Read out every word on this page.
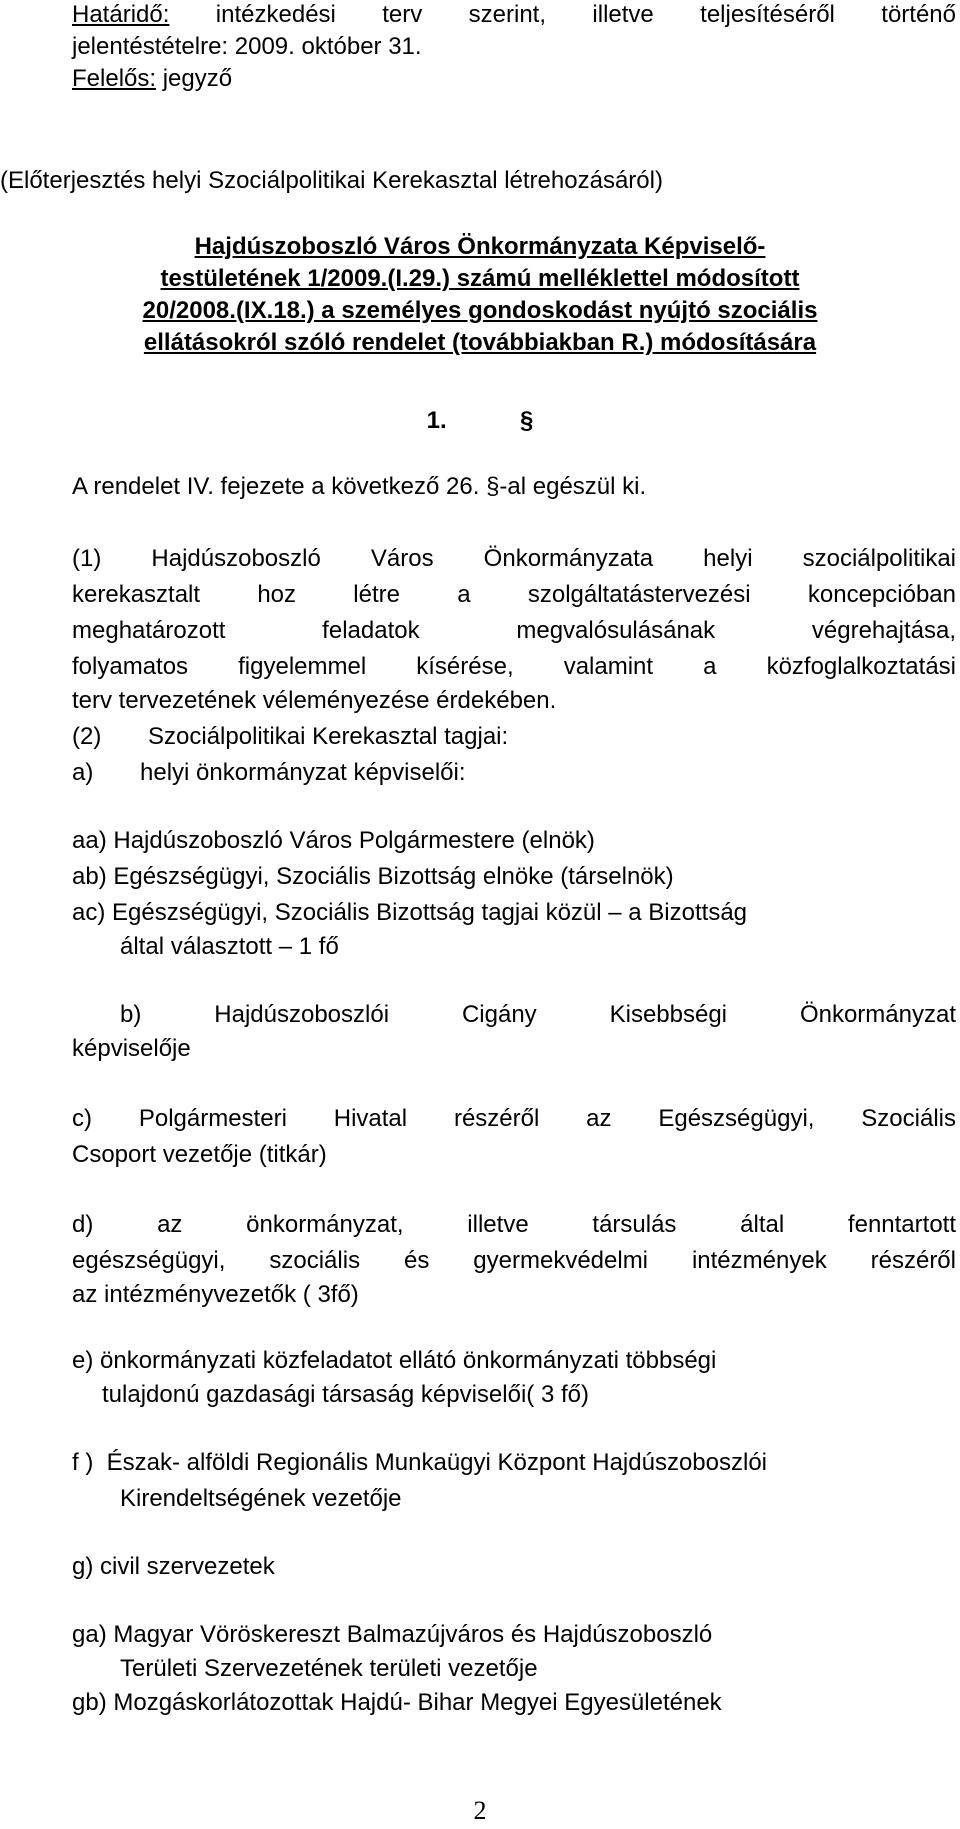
Határidő: intézkedési terv szerint, illetve teljesítéséről történő
jelentéstételre: 2009. október 31.
Felelős: jegyző
(Előterjesztés helyi Szociálpolitikai Kerekasztal létrehozásáról)
Hajdúszoboszló Város Önkormányzata Képviselő-
testületének 1/2009.(I.29.) számú melléklettel módosított
20/2008.(IX.18.) a személyes gondoskodást nyújtó szociális
ellátásokról szóló rendelet (továbbiakban R.) módosítására
1.	§
A rendelet IV. fejezete a következő 26. §-al egészül ki.
(1) Hajdúszoboszló Város Önkormányzata helyi szociálpolitikai
kerekasztalt hoz létre a szolgáltatástervezési koncepcióban
meghatározott feladatok megvalósulásának végrehajtása,
folyamatos figyelemmel kísérése, valamint a közfoglalkoztatási
terv tervezetének véleményezése érdekében.
(2)       Szociálpolitikai Kerekasztal tagjai:
a)       helyi önkormányzat képviselői:
aa) Hajdúszoboszló Város Polgármestere (elnök)
ab) Egészségügyi, Szociális Bizottság elnöke (társelnök)
ac) Egészségügyi, Szociális Bizottság tagjai közül – a Bizottság
által választott – 1 fő
b) Hajdúszoboszlói Cigány Kisebbségi Önkormányzat
képviselője
c) Polgármesteri Hivatal részéről az Egészségügyi, Szociális
Csoport vezetője (titkár)
d) az önkormányzat, illetve társulás által fenntartott
egészségügyi, szociális és gyermekvédelmi intézmények részéről
az intézményvezetők ( 3fő)
e) önkormányzati közfeladatot ellátó önkormányzati többségi
tulajdonú gazdasági társaság képviselői( 3 fő)
f )  Észak- alföldi Regionális Munkaügyi Központ Hajdúszoboszlói
Kirendeltségének vezetője
g) civil szervezetek
ga) Magyar Vöröskereszt Balmazújváros és Hajdúszoboszló
Területi Szervezetének területi vezetője
gb) Mozgáskorlátozottak Hajdú- Bihar Megyei Egyesületének
2
